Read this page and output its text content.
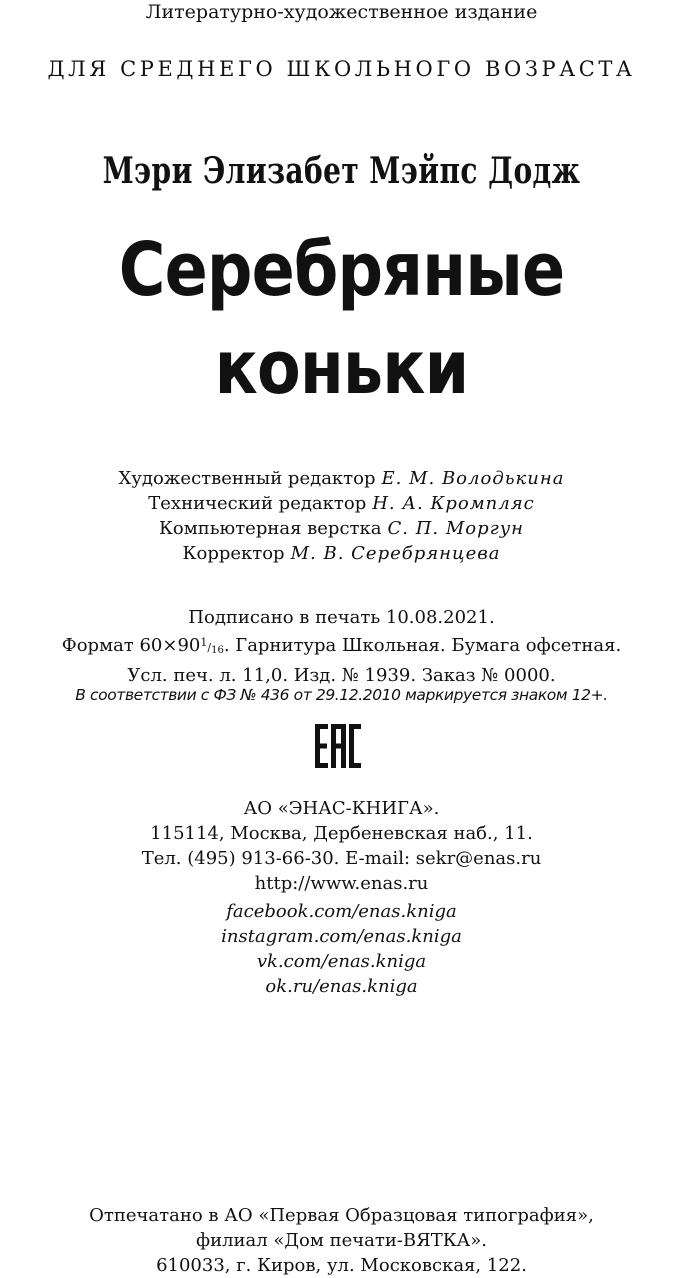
Литературно-художественное издание
ДЛЯ СРЕДНЕГО ШКОЛЬНОГО ВОЗРАСТА
Мэри Элизабет Мэйпс Додж
Серебряные
коньки
Художественный редактор Е. М. Володькина
Технический редактор Н. А. Кромпляс
Компьютерная верстка С. П. Моргун
Корректор М. В. Серебрянцева
Подписано в печать 10.08.2021.
Формат $60\times 90^1/_{16}$. Гарнитура Школьная. Бумага офсетная.
Усл. печ. л. 11,0. Изд. № 1939. Заказ № 0000.
В соответствии с ФЗ № 436 от 29.12.2010 маркируется знаком 12+.
АО «ЭНАС-КНИГА».
115114, Москва, Дербеневская наб., 11.
Тел. (495) 913-66-30. E-mail: sekr@enas.ru
http://www.enas.ru
facebook.com/enas.kniga
instagram.com/enas.kniga
vk.com/enas.kniga
ok.ru/enas.kniga
Отпечатано в АО «Первая Образцовая типография»,
филиал «Дом печати-ВЯТКА».
610033, г. Киров, ул. Московская, 122.
